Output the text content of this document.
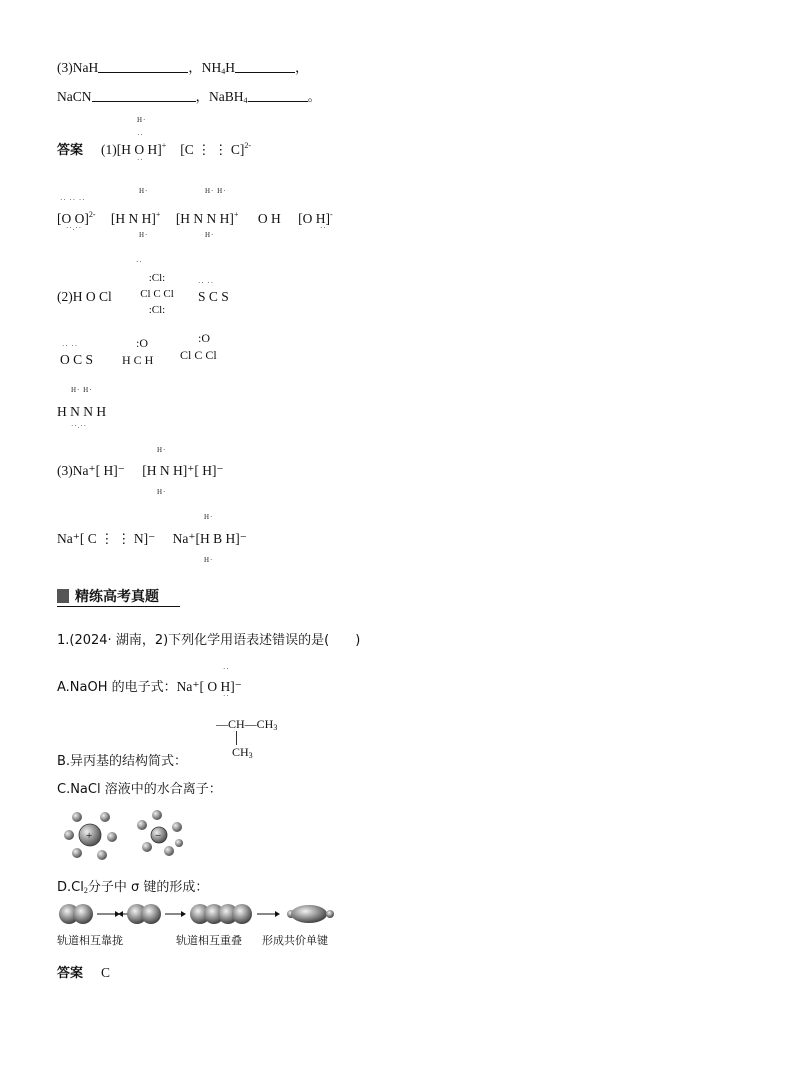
(3)NaH	，$NH_4H$	，
NaCN	，NaBH$_4$	。
答案 (1)[H O H]+ [C ⋮ ⋮ C]$^{2-}$
H·
··
··
[O O]$^{2-}$ [H N H]+ [H N N H]+ O H [O H]-
·· ·· ··
··.··
H·
H·
H· H·
H·
··
(2)H O Cl
:Cl:
Cl C Cl
:Cl:
··
S C S
·· ··
O C S
·· ··
H C H
:O
Cl C Cl
:O
H N N H
H· H·
··.··
(3)Na⁺[ H]⁻ [H N H]⁺[ H]⁻
H·
H·
Na⁺[ C ⋮ ⋮ N]⁻ Na⁺[H B H]⁻
H·
H·
精练高考真题
1.(2024· 湖南，2)下列化学用语表述错误的是(　　)
A.NaOH 的电子式：Na⁺[ O H]⁻
··
··
$—CH—CH_3$
$CH_3$
B.异丙基的结构简式：
C.NaCl 溶液中的水合离子：
+	−
$D.Cl_2$分子中 σ 键的形成：
轨道相互靠拢	轨道相互重叠 形成共价单键
答案 C
